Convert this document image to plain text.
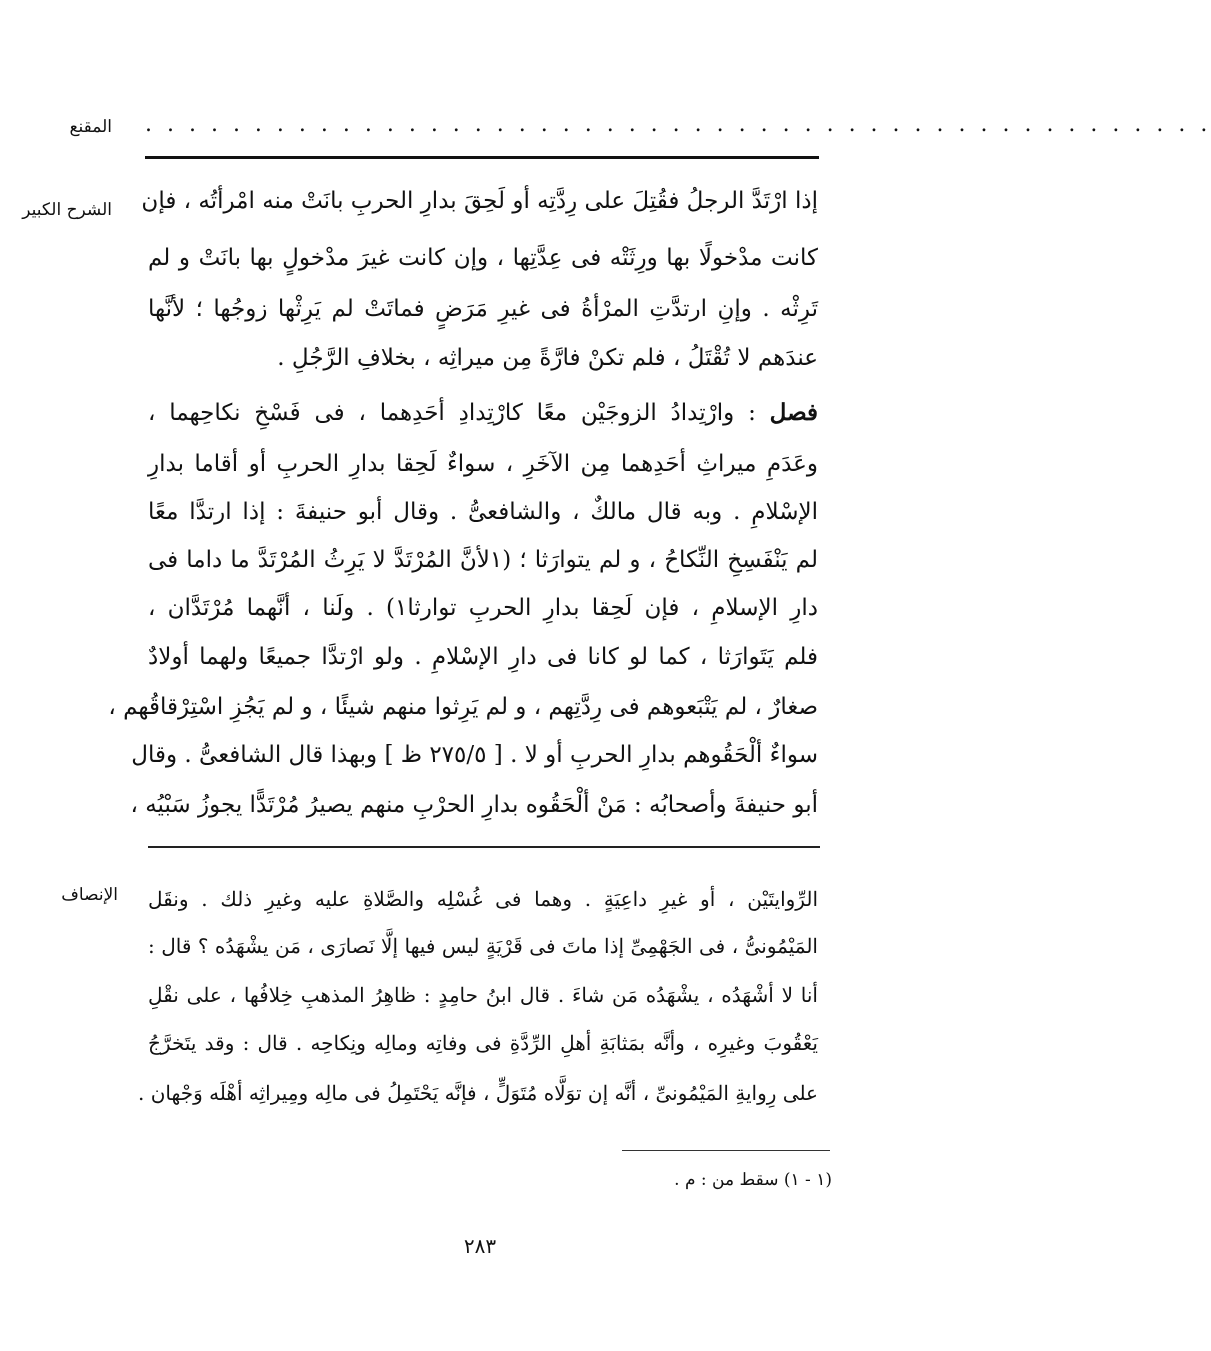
المقنع . . . . . . . . . . . . . . . . . . . . . . . . . . . . . . . . . . . . . . . . . . . . . . . . .
الشرح الكبير إذا ارْتَدَّ الرجلُ فقُتِلَ على رِدَّتِه أو لَحِقَ بدارِ الحربِ بانَتْ منه امْرأتُه ، فإن
كانت مدْخولًا بها ورِثَتْه فى عِدَّتِها ، وإن كانت غيرَ مدْخولٍ بها بانَتْ و لم
تَرِثْه . وإنِ ارتدَّتِ المرْأةُ فى غيرِ مَرَضٍ فماتَتْ لم يَرِثْها زوجُها ؛ لأنَّها
عندَهم لا تُقْتَلُ ، فلم تكنْ فارَّةً مِن ميراثِه ، بخلافِ الرَّجُلِ .
فصل : وارْتِدادُ الزوجَيْن معًا كارْتِدادِ أحَدِهما ، فى فَسْخِ نكاحِهما ،
وعَدَمِ ميراثِ أحَدِهما مِن الآخَرِ ، سواءٌ لَحِقا بدارِ الحربِ أو أقاما بدارِ
الإسْلامِ . وبه قال مالكٌ ، والشافعىُّ . وقال أبو حنيفةَ : إذا ارتدَّا معًا
لم يَنْفَسِخِ النِّكاحُ ، و لم يتوارَثا ؛ (١لأنَّ المُرْتَدَّ لا يَرِثُ المُرْتَدَّ ما داما فى
دارِ الإسلامِ ، فإن لَحِقا بدارِ الحربِ توارثا١) . ولَنا ، أنَّهما مُرْتَدَّان ،
فلم يَتَوارَثا ، كما لو كانا فى دارِ الإسْلامِ . ولو ارْتدَّا جميعًا ولهما أولادٌ
صغارٌ ، لم يَتْبَعوهم فى رِدَّتِهم ، و لم يَرِثوا منهم شيئًا ، و لم يَجُزِ اسْتِرْقاقُهم ،
سواءٌ ألْحَقُوهم بدارِ الحربِ أو لا . [ ٢٧٥/٥ ظ ] وبهذا قال الشافعىُّ . وقال
أبو حنيفةَ وأصحابُه : مَنْ ألْحَقُوه بدارِ الحرْبِ منهم يصيرُ مُرْتَدًّا يجوزُ سَبْيُه ،
الإنصاف الرِّوايتَيْن ، أو غيرِ داعِيَةٍ . وهما فى غُسْلِه والصَّلاةِ عليه وغيرِ ذلك . ونقَل
المَيْمُونىُّ ، فى الجَهْمِىِّ إذا ماتَ فى قَرْيَةٍ ليس فيها إلَّا نَصارَى ، مَن يشْهَدُه ؟ قال :
أنا لا أشْهَدُه ، يشْهَدُه مَن شاءَ . قال ابنُ حامِدٍ : ظاهِرُ المذهبِ خِلافُها ، على نقْلِ
يَعْقُوبَ وغيرِه ، وأنَّه بمَثابَةِ أهلِ الرِّدَّةِ فى وفاتِه ومالِه ونِكاحِه . قال : وقد يتَخرَّجُ
على رِوايةِ المَيْمُونىِّ ، أنَّه إن توَلَّاه مُتَوَلٍّ ، فإنَّه يَحْتَمِلُ فى مالِه ومِيراثِه أهْلَه وَجْهان .
(١ - ١) سقط من : م .
٢٨٣
